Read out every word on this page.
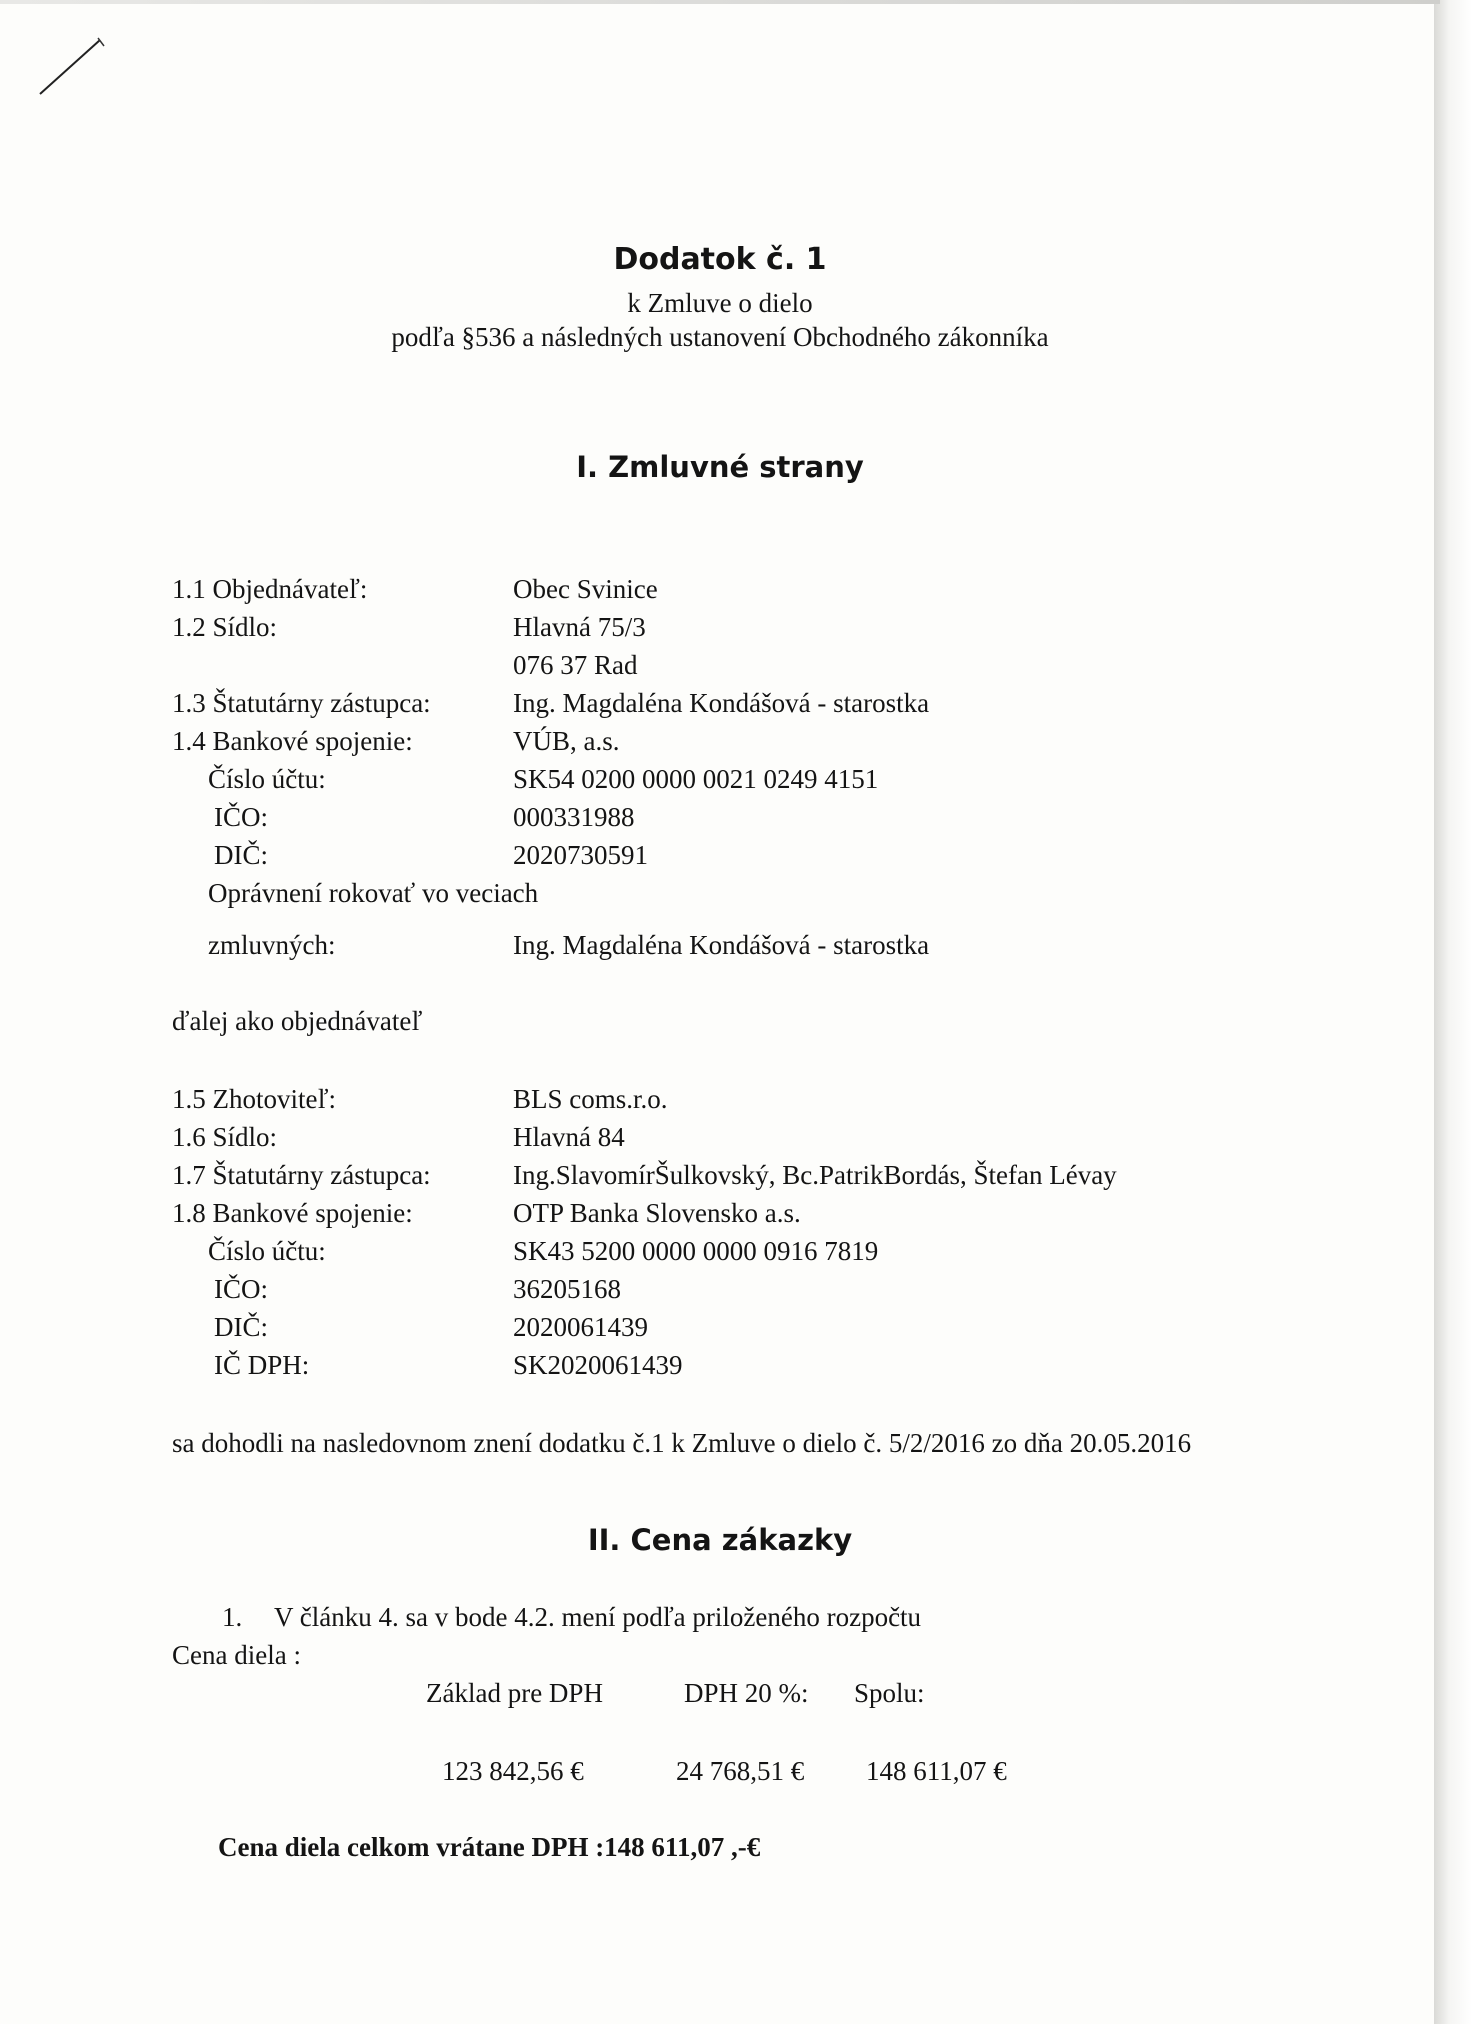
Dodatok č. 1
k Zmluve o dielo
podľa §536 a následných ustanovení Obchodného zákonníka
I. Zmluvné strany
1.1 Objednávateľ:	Obec Svinice
1.2 Sídlo:	Hlavná 75/3
076 37 Rad
1.3 Štatutárny zástupca:	Ing. Magdaléna Kondášová - starostka
1.4 Bankové spojenie:	VÚB, a.s.
Číslo účtu:	SK54 0200 0000 0021 0249 4151
IČO:	000331988
DIČ:	2020730591
Oprávnení rokovať vo veciach
zmluvných:	Ing. Magdaléna Kondášová - starostka
ďalej ako objednávateľ
1.5 Zhotoviteľ:	BLS coms.r.o.
1.6 Sídlo:	Hlavná 84
1.7 Štatutárny zástupca:	Ing.SlavomírŠulkovský, Bc.PatrikBordás, Štefan Lévay
1.8 Bankové spojenie:	OTP Banka Slovensko a.s.
Číslo účtu:	SK43 5200 0000 0000 0916 7819
IČO:	36205168
DIČ:	2020061439
IČ DPH:	SK2020061439
sa dohodli na nasledovnom znení dodatku č.1 k Zmluve o dielo č. 5/2/2016 zo dňa 20.05.2016
II. Cena zákazky
1. V článku 4. sa v bode 4.2. mení podľa priloženého rozpočtu
Cena diela :
Základ pre DPH	DPH 20 %: Spolu:
123 842,56 €	24 768,51 € 148 611,07 €
Cena diela celkom vrátane DPH :148 611,07 ,-€
